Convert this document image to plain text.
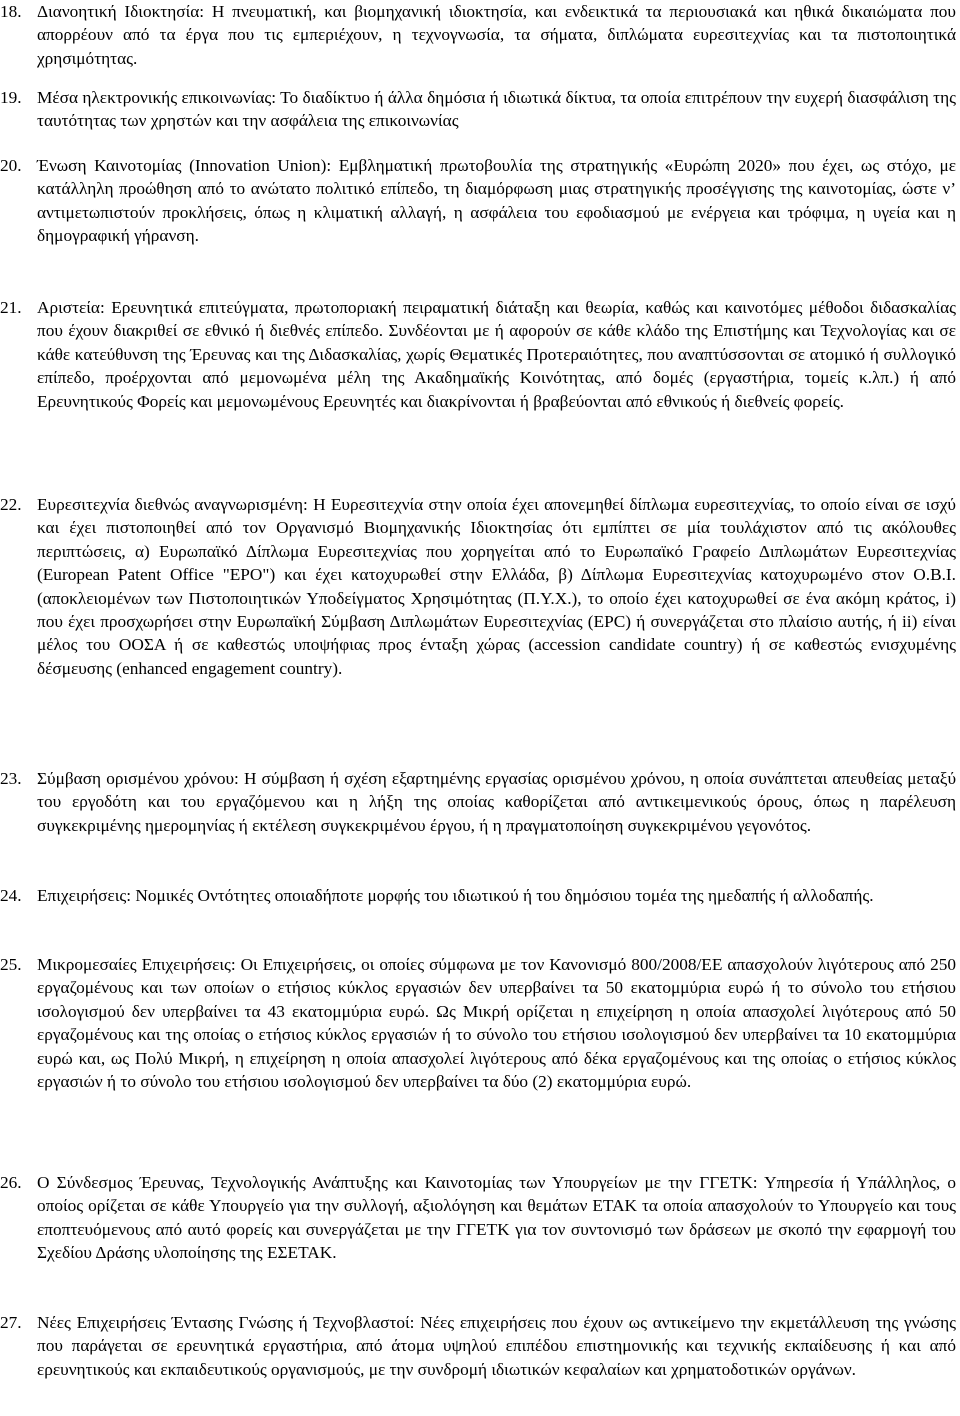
18. Διανοητική Ιδιοκτησία: Η πνευματική, και βιομηχανική ιδιοκτησία, και ενδεικτικά τα περιουσιακά και ηθικά δικαιώματα που απορρέουν από τα έργα που τις εμπεριέχουν, η τεχνογνωσία, τα σήματα, διπλώματα ευρεσιτεχνίας και τα πιστοποιητικά χρησιμότητας.
19. Μέσα ηλεκτρονικής επικοινωνίας: Το διαδίκτυο ή άλλα δημόσια ή ιδιωτικά δίκτυα, τα οποία επιτρέπουν την ευχερή διασφάλιση της ταυτότητας των χρηστών και την ασφάλεια της επικοινωνίας
20. Ένωση Καινοτομίας (Innovation Union): Εμβληματική πρωτοβουλία της στρατηγικής «Ευρώπη 2020» που έχει, ως στόχο, με κατάλληλη προώθηση από το ανώτατο πολιτικό επίπεδο, τη διαμόρφωση μιας στρατηγικής προσέγγισης της καινοτομίας, ώστε ν’ αντιμετωπιστούν προκλήσεις, όπως η κλιματική αλλαγή, η ασφάλεια του εφοδιασμού με ενέργεια και τρόφιμα, η υγεία και η δημογραφική γήρανση.
21. Αριστεία: Ερευνητικά επιτεύγματα, πρωτοποριακή πειραματική διάταξη και θεωρία, καθώς και καινοτόμες μέθοδοι διδασκαλίας που έχουν διακριθεί σε εθνικό ή διεθνές επίπεδο. Συνδέονται με ή αφορούν σε κάθε κλάδο της Επιστήμης και Τεχνολογίας και σε κάθε κατεύθυνση της Έρευνας και της Διδασκαλίας, χωρίς Θεματικές Προτεραιότητες, που αναπτύσσονται σε ατομικό ή συλλογικό επίπεδο, προέρχονται από μεμονωμένα μέλη της Ακαδημαϊκής Κοινότητας, από δομές (εργαστήρια, τομείς κ.λπ.) ή από Ερευνητικούς Φορείς και μεμονωμένους Ερευνητές και διακρίνονται ή βραβεύονται από εθνικούς ή διεθνείς φορείς.
22. Ευρεσιτεχνία διεθνώς αναγνωρισμένη: Η Ευρεσιτεχνία στην οποία έχει απονεμηθεί δίπλωμα ευρεσιτεχνίας, το οποίο είναι σε ισχύ και έχει πιστοποιηθεί από τον Οργανισμό Βιομηχανικής Ιδιοκτησίας ότι εμπίπτει σε μία τουλάχιστον από τις ακόλουθες περιπτώσεις, α) Ευρωπαϊκό Δίπλωμα Ευρεσιτεχνίας που χορηγείται από το Ευρωπαϊκό Γραφείο Διπλωμάτων Ευρεσιτεχνίας (European Patent Office "EPO") και έχει κατοχυρωθεί στην Ελλάδα, β) Δίπλωμα Ευρεσιτεχνίας κατοχυρωμένο στον Ο.Β.Ι. (αποκλειομένων των Πιστοποιητικών Υποδείγματος Χρησιμότητας (Π.Υ.Χ.), το οποίο έχει κατοχυρωθεί σε ένα ακόμη κράτος, i) που έχει προσχωρήσει στην Ευρωπαϊκή Σύμβαση Διπλωμάτων Ευρεσιτεχνίας (EPC) ή συνεργάζεται στο πλαίσιο αυτής, ή ii) είναι μέλος του ΟΟΣΑ ή σε καθεστώς υποψήφιας προς ένταξη χώρας (accession candidate country) ή σε καθεστώς ενισχυμένης δέσμευσης (enhanced engagement country).
23. Σύμβαση ορισμένου χρόνου: Η σύμβαση ή σχέση εξαρτημένης εργασίας ορισμένου χρόνου, η οποία συνάπτεται απευθείας μεταξύ του εργοδότη και του εργαζόμενου και η λήξη της οποίας καθορίζεται από αντικειμενικούς όρους, όπως η παρέλευση συγκεκριμένης ημερομηνίας ή εκτέλεση συγκεκριμένου έργου, ή η πραγματοποίηση συγκεκριμένου γεγονότος.
24. Επιχειρήσεις: Νομικές Οντότητες οποιαδήποτε μορφής του ιδιωτικού ή του δημόσιου τομέα της ημεδαπής ή αλλοδαπής.
25. Μικρομεσαίες Επιχειρήσεις: Οι Επιχειρήσεις, οι οποίες σύμφωνα με τον Κανονισμό 800/2008/ΕΕ απασχολούν λιγότερους από 250 εργαζομένους και των οποίων ο ετήσιος κύκλος εργασιών δεν υπερβαίνει τα 50 εκατομμύρια ευρώ ή το σύνολο του ετήσιου ισολογισμού δεν υπερβαίνει τα 43 εκατομμύρια ευρώ. Ως Μικρή ορίζεται η επιχείρηση η οποία απασχολεί λιγότερους από 50 εργαζομένους και της οποίας ο ετήσιος κύκλος εργασιών ή το σύνολο του ετήσιου ισολογισμού δεν υπερβαίνει τα 10 εκατομμύρια ευρώ και, ως Πολύ Μικρή, η επιχείρηση η οποία απασχολεί λιγότερους από δέκα εργαζομένους και της οποίας ο ετήσιος κύκλος εργασιών ή το σύνολο του ετήσιου ισολογισμού δεν υπερβαίνει τα δύο (2) εκατομμύρια ευρώ.
26. Ο Σύνδεσμος Έρευνας, Τεχνολογικής Ανάπτυξης και Καινοτομίας των Υπουργείων με την ΓΓΕΤΚ: Υπηρεσία ή Υπάλληλος, ο οποίος ορίζεται σε κάθε Υπουργείο για την συλλογή, αξιολόγηση και θεμάτων ΕΤΑΚ τα οποία απασχολούν το Υπουργείο και τους εποπτευόμενους από αυτό φορείς και συνεργάζεται με την ΓΓΕΤΚ για τον συντονισμό των δράσεων με σκοπό την εφαρμογή του Σχεδίου Δράσης υλοποίησης της ΕΣΕΤΑΚ.
27. Νέες Επιχειρήσεις Έντασης Γνώσης ή Τεχνοβλαστοί: Νέες επιχειρήσεις που έχουν ως αντικείμενο την εκμετάλλευση της γνώσης που παράγεται σε ερευνητικά εργαστήρια, από άτομα υψηλού επιπέδου επιστημονικής και τεχνικής εκπαίδευσης ή και από ερευνητικούς και εκπαιδευτικούς οργανισμούς, με την συνδρομή ιδιωτικών κεφαλαίων και χρηματοδοτικών οργάνων.
